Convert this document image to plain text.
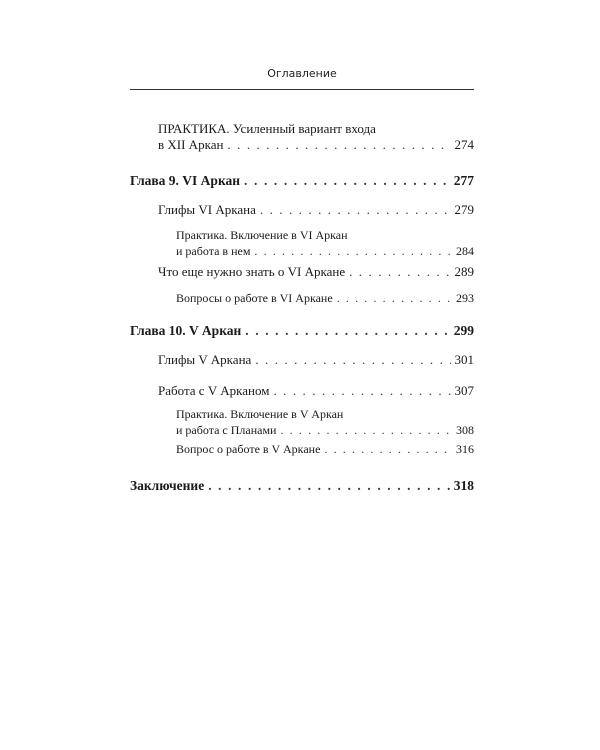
Оглавление
ПРАКТИКА. Усиленный вариант входа
в XII Аркан . . .	274
Глава 9. VI Аркан . . .	277
Глифы VI Аркана . . .	279
Практика. Включение в VI Аркан
и работа в нем . . .	284
Что еще нужно знать о VI Аркане . . .	289
Вопросы о работе в VI Аркане . . .	293
Глава 10. V Аркан . . .	299
Глифы V Аркана . . .	301
Работа с V Арканом . . .	307
Практика. Включение в V Аркан
и работа с Планами . . .	308
Вопрос о работе в V Аркане . . .	316
Заключение . . .	318
